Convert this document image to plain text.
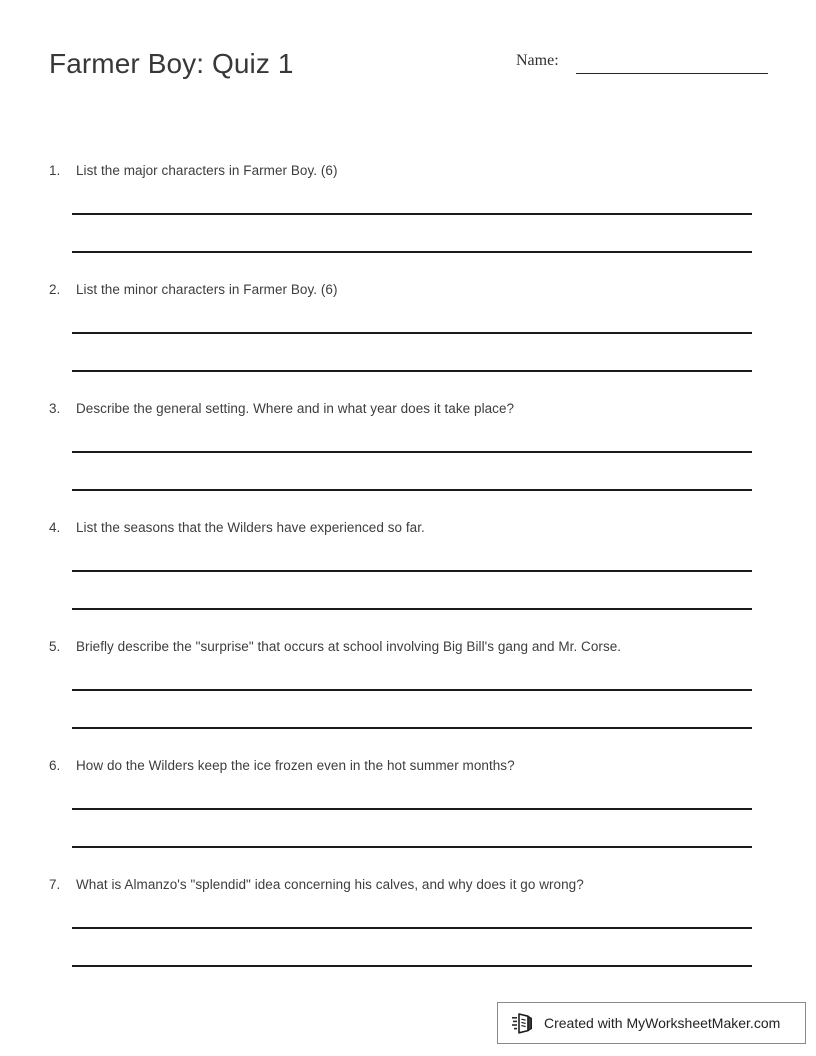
Farmer Boy: Quiz 1	Name:
1.	List the major characters in Farmer Boy. (6)
2.	List the minor characters in Farmer Boy. (6)
3.	Describe the general setting. Where and in what year does it take place?
4.	List the seasons that the Wilders have experienced so far.
5.	Briefly describe the "surprise" that occurs at school involving Big Bill's gang and Mr. Corse.
6.	How do the Wilders keep the ice frozen even in the hot summer months?
7.	What is Almanzo's "splendid" idea concerning his calves, and why does it go wrong?
Created with MyWorksheetMaker.com
